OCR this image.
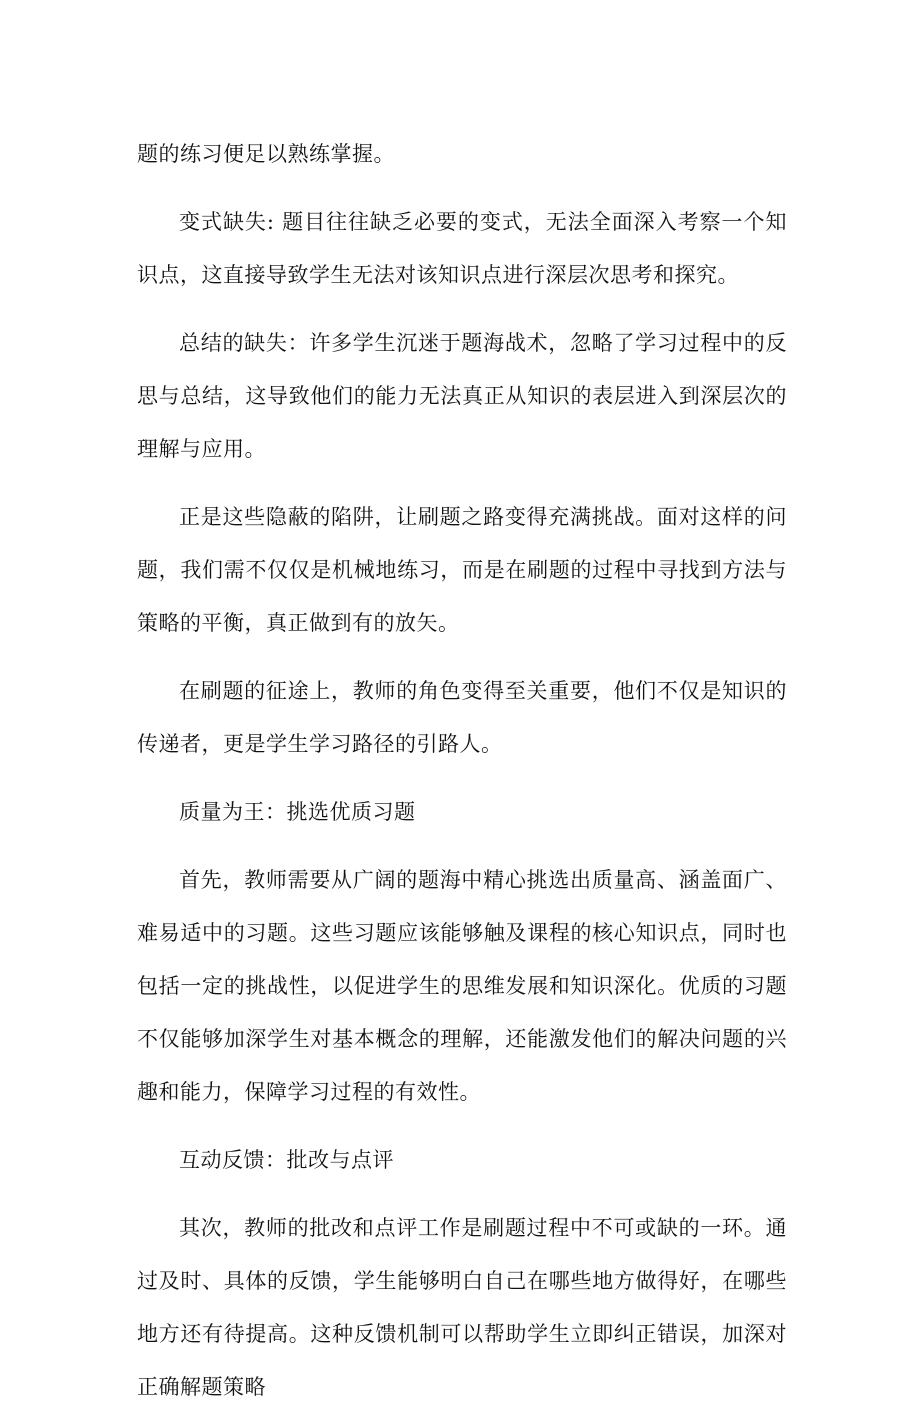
题的练习便足以熟练掌握。

变式缺失: 题目往往缺乏必要的变式，无法全面深入考察一个知识点，这直接导致学生无法对该知识点进行深层次思考和探究。

总结的缺失：许多学生沉迷于题海战术，忽略了学习过程中的反思与总结，这导致他们的能力无法真正从知识的表层进入到深层次的理解与应用。

正是这些隐蔽的陷阱，让刷题之路变得充满挑战。面对这样的问题，我们需不仅仅是机械地练习，而是在刷题的过程中寻找到方法与策略的平衡，真正做到有的放矢。

在刷题的征途上，教师的角色变得至关重要，他们不仅是知识的传递者，更是学生学习路径的引路人。

质量为王：挑选优质习题

首先，教师需要从广阔的题海中精心挑选出质量高、涵盖面广、难易适中的习题。这些习题应该能够触及课程的核心知识点，同时也包括一定的挑战性，以促进学生的思维发展和知识深化。优质的习题不仅能够加深学生对基本概念的理解，还能激发他们的解决问题的兴趣和能力，保障学习过程的有效性。

互动反馈：批改与点评

其次，教师的批改和点评工作是刷题过程中不可或缺的一环。通过及时、具体的反馈，学生能够明白自己在哪些地方做得好，在哪些地方还有待提高。这种反馈机制可以帮助学生立即纠正错误，加深对正确解题策略
